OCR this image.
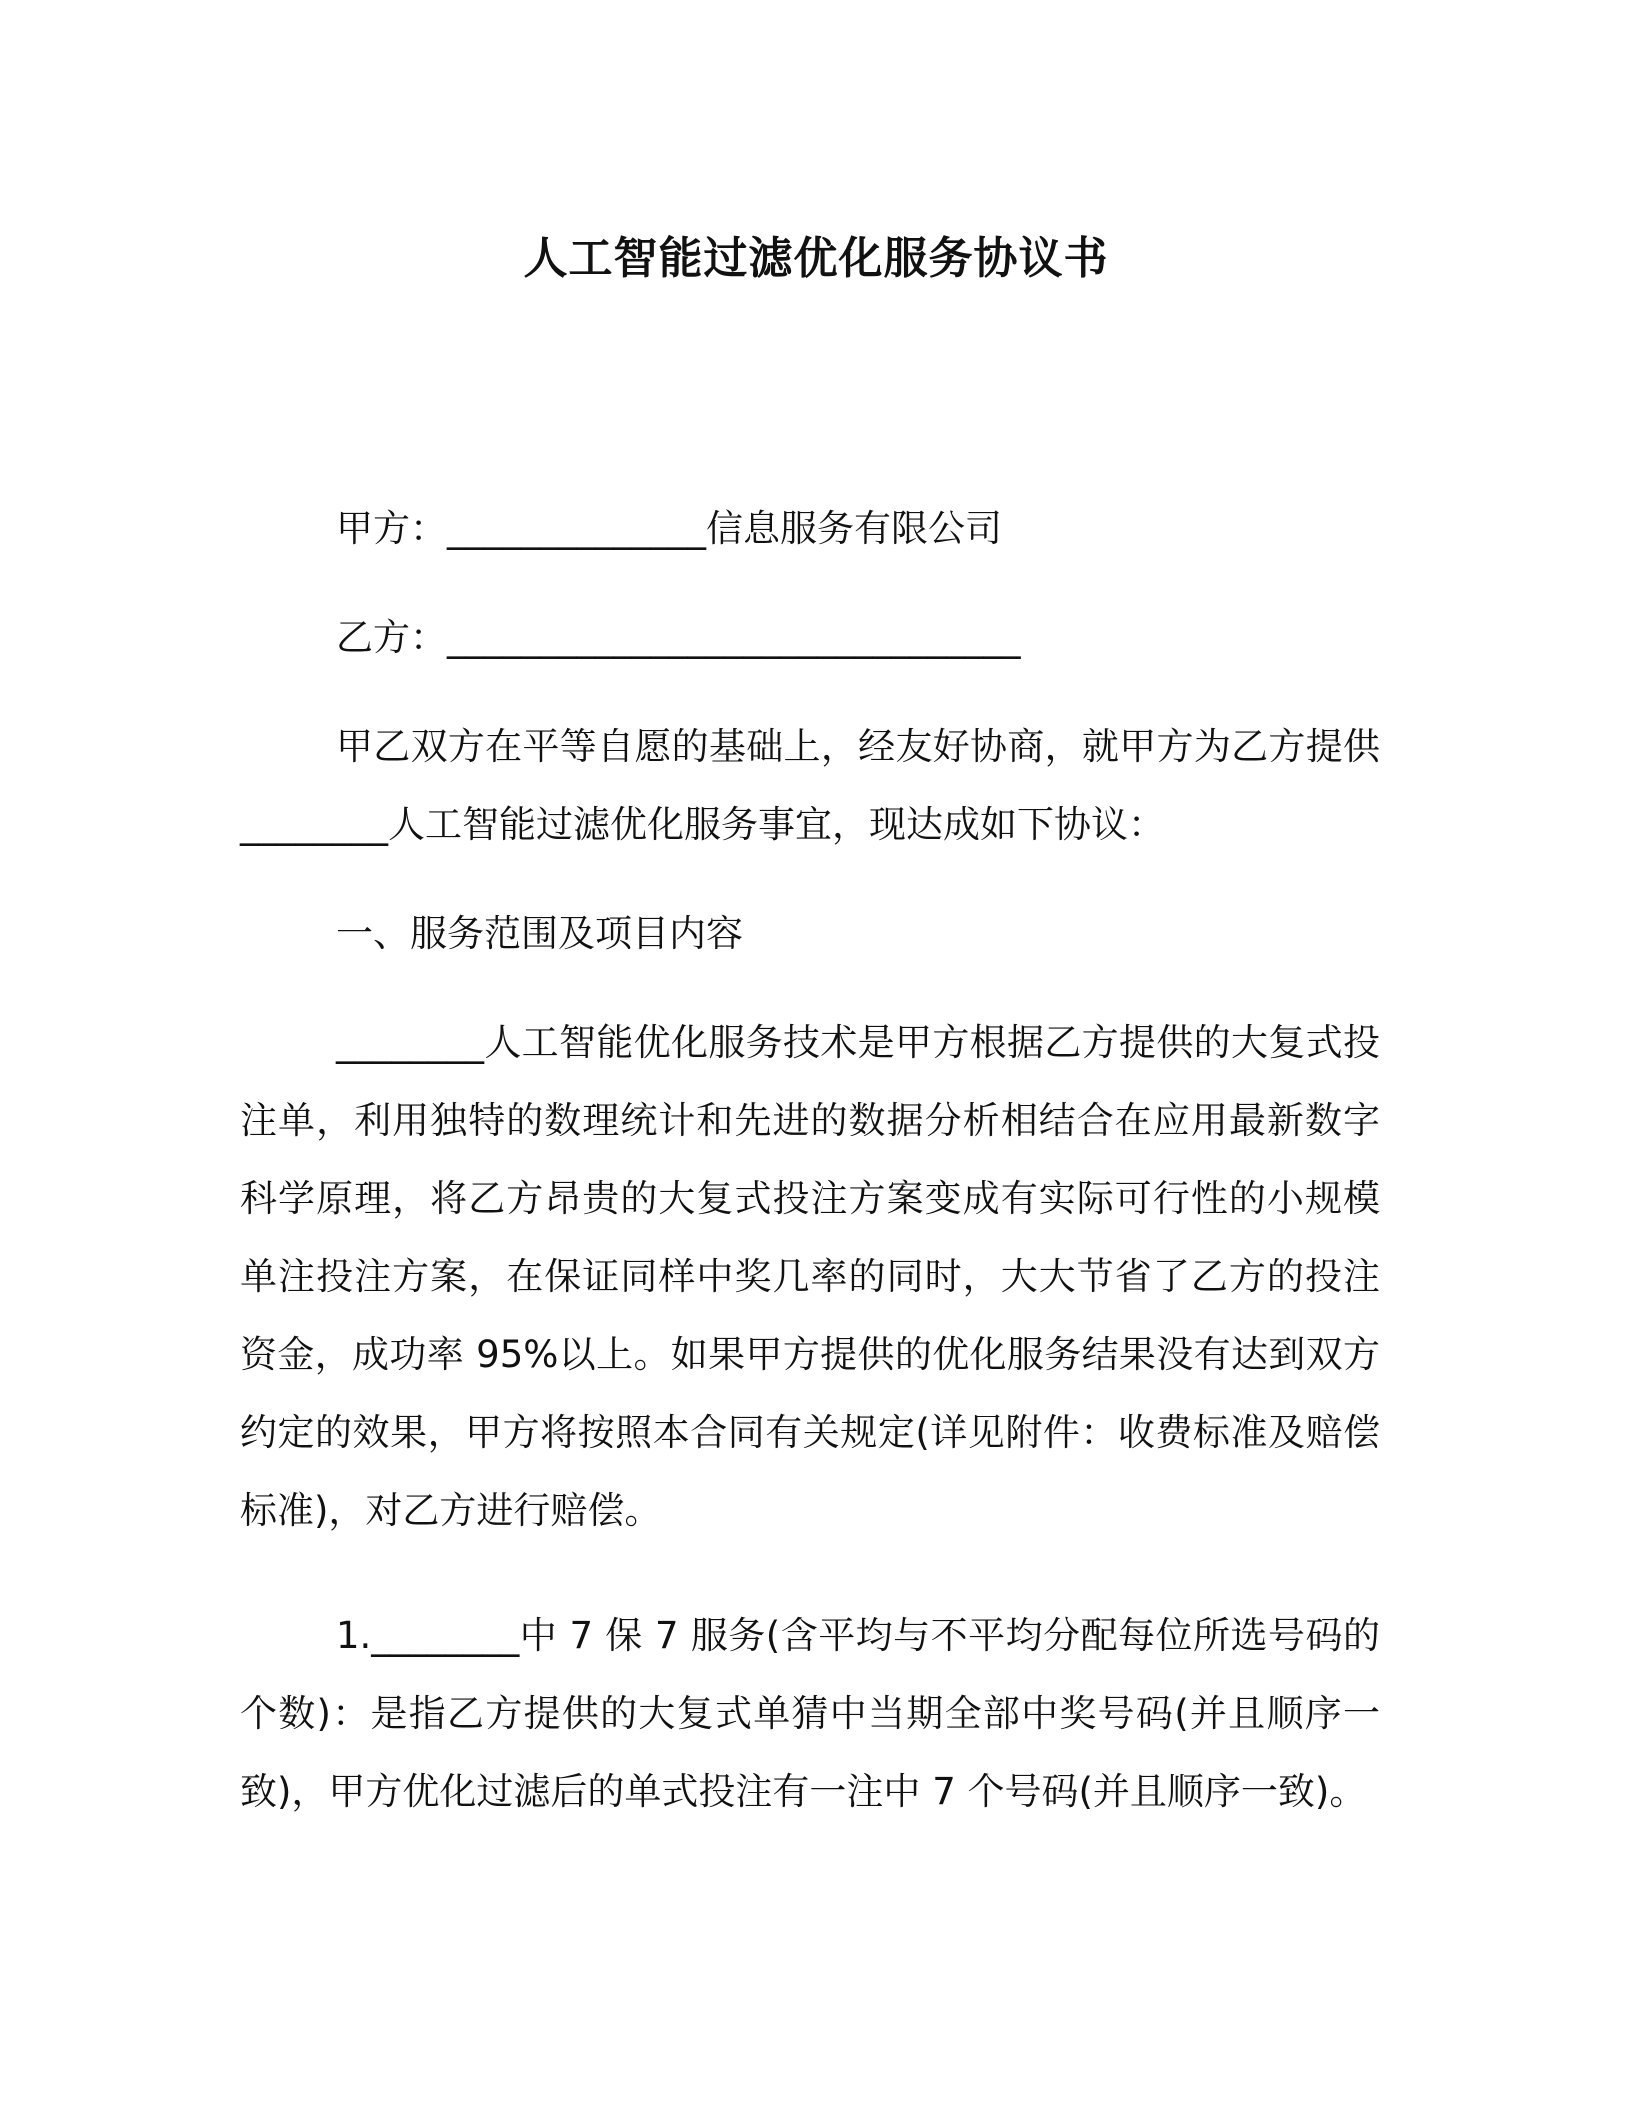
人工智能过滤优化服务协议书

甲方：______________信息服务有限公司

乙方：_______________________________

甲乙双方在平等自愿的基础上，经友好协商，就甲方为乙方提供________人工智能过滤优化服务事宜，现达成如下协议：

一、服务范围及项目内容

________人工智能优化服务技术是甲方根据乙方提供的大复式投注单，利用独特的数理统计和先进的数据分析相结合在应用最新数字科学原理，将乙方昂贵的大复式投注方案变成有实际可行性的小规模单注投注方案，在保证同样中奖几率的同时，大大节省了乙方的投注资金，成功率 95%以上。如果甲方提供的优化服务结果没有达到双方约定的效果，甲方将按照本合同有关规定(详见附件：收费标准及赔偿标准)，对乙方进行赔偿。

1.________中 7 保 7 服务(含平均与不平均分配每位所选号码的个数)：是指乙方提供的大复式单猜中当期全部中奖号码(并且顺序一致)，甲方优化过滤后的单式投注有一注中 7 个号码(并且顺序一致)。
